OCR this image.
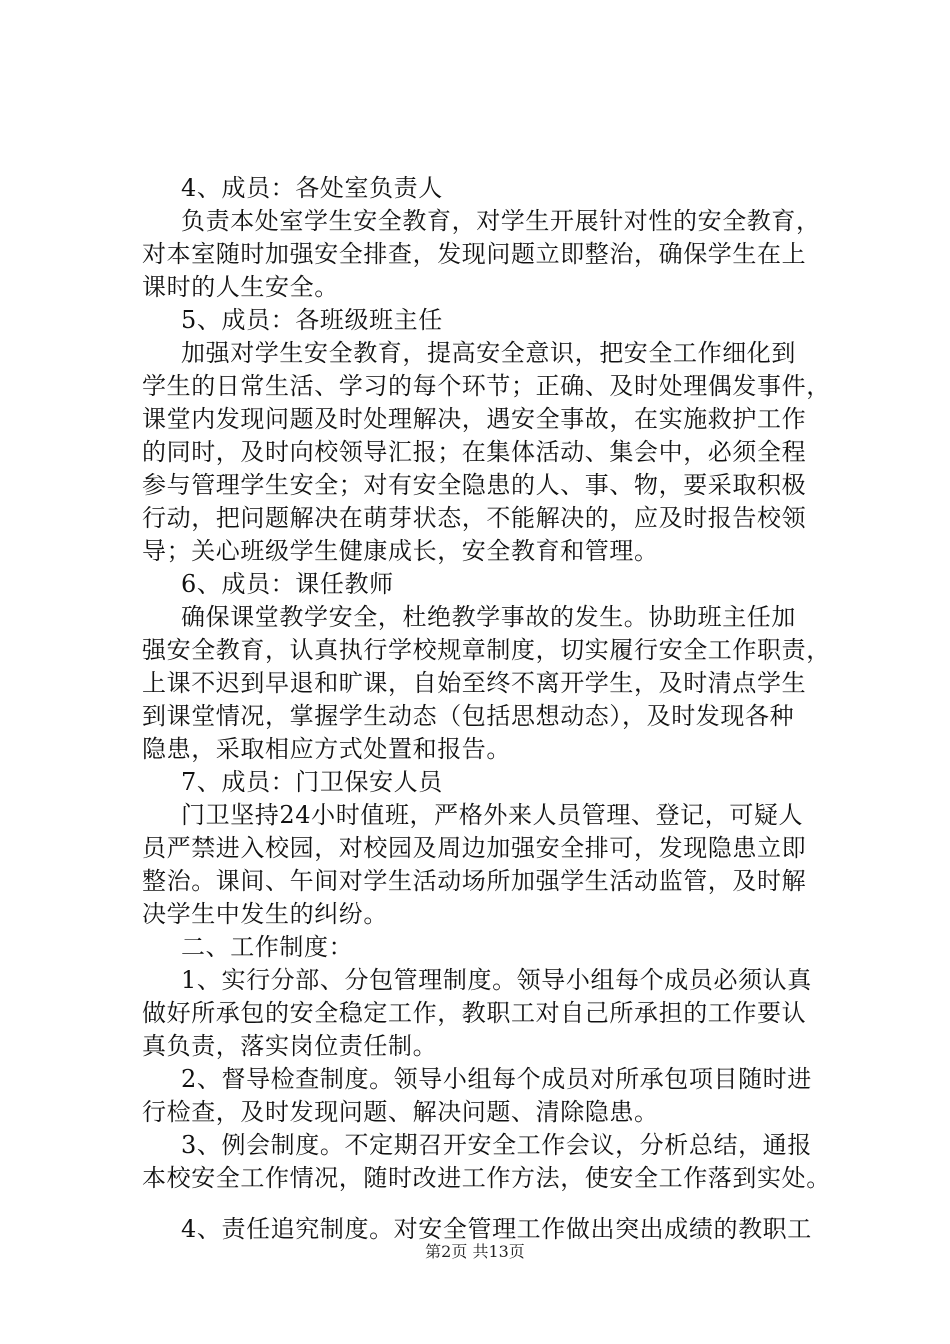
4、成员：各处室负责人
负责本处室学生安全教育，对学生开展针对性的安全教育，
对本室随时加强安全排查，发现问题立即整治，确保学生在上
课时的人生安全。
5、成员：各班级班主任
加强对学生安全教育，提高安全意识，把安全工作细化到
学生的日常生活、学习的每个环节；正确、及时处理偶发事件，
课堂内发现问题及时处理解决，遇安全事故，在实施救护工作
的同时，及时向校领导汇报；在集体活动、集会中，必须全程
参与管理学生安全；对有安全隐患的人、事、物，要采取积极
行动，把问题解决在萌芽状态，不能解决的，应及时报告校领
导；关心班级学生健康成长，安全教育和管理。
6、成员：课任教师
确保课堂教学安全，杜绝教学事故的发生。协助班主任加
强安全教育，认真执行学校规章制度，切实履行安全工作职责，
上课不迟到早退和旷课，自始至终不离开学生，及时清点学生
到课堂情况，掌握学生动态（包括思想动态），及时发现各种
隐患，采取相应方式处置和报告。
7、成员：门卫保安人员
门卫坚持24小时值班，严格外来人员管理、登记，可疑人
员严禁进入校园，对校园及周边加强安全排可，发现隐患立即
整治。课间、午间对学生活动场所加强学生活动监管，及时解
决学生中发生的纠纷。
二、工作制度：
1、实行分部、分包管理制度。领导小组每个成员必须认真
做好所承包的安全稳定工作，教职工对自己所承担的工作要认
真负责，落实岗位责任制。
2、督导检查制度。领导小组每个成员对所承包项目随时进
行检查，及时发现问题、解决问题、清除隐患。
3、例会制度。不定期召开安全工作会议，分析总结，通报
本校安全工作情况，随时改进工作方法，使安全工作落到实处。
4、责任追究制度。对安全管理工作做出突出成绩的教职工
第2页 共13页
